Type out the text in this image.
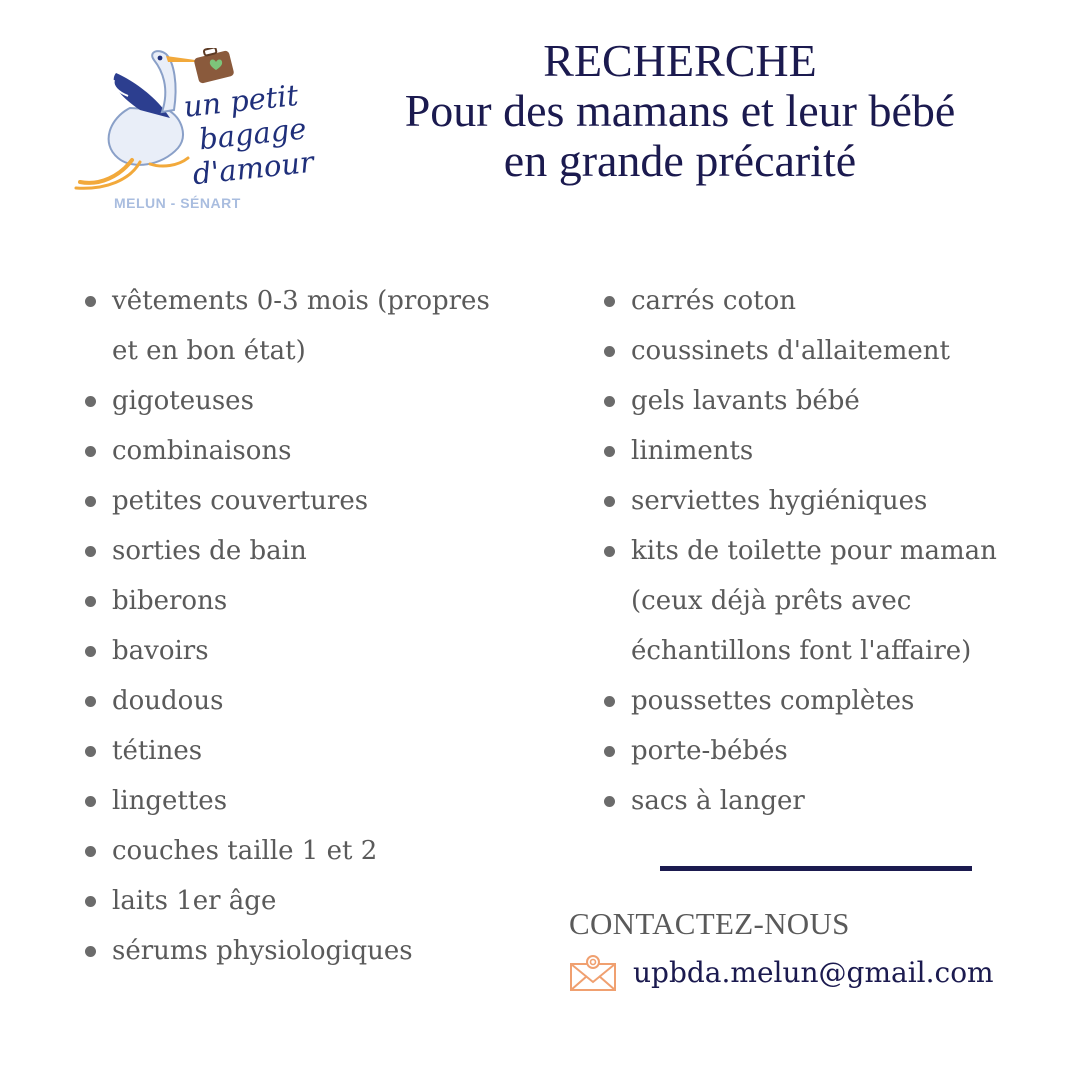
un petit
bagage
d'amour
MELUN - SÉNART
RECHERCHE
Pour des mamans et leur bébé
en grande précarité
vêtements 0-3 mois (propres
et en bon état)
gigoteuses
combinaisons
petites couvertures
sorties de bain
biberons
bavoirs
doudous
tétines
lingettes
couches taille 1 et 2
laits 1er âge
sérums physiologiques
carrés coton
coussinets d'allaitement
gels lavants bébé
liniments
serviettes hygiéniques
kits de toilette pour maman
(ceux déjà prêts avec
échantillons font l'affaire)
poussettes complètes
porte-bébés
sacs à langer
CONTACTEZ-NOUS
upbda.melun@gmail.com
